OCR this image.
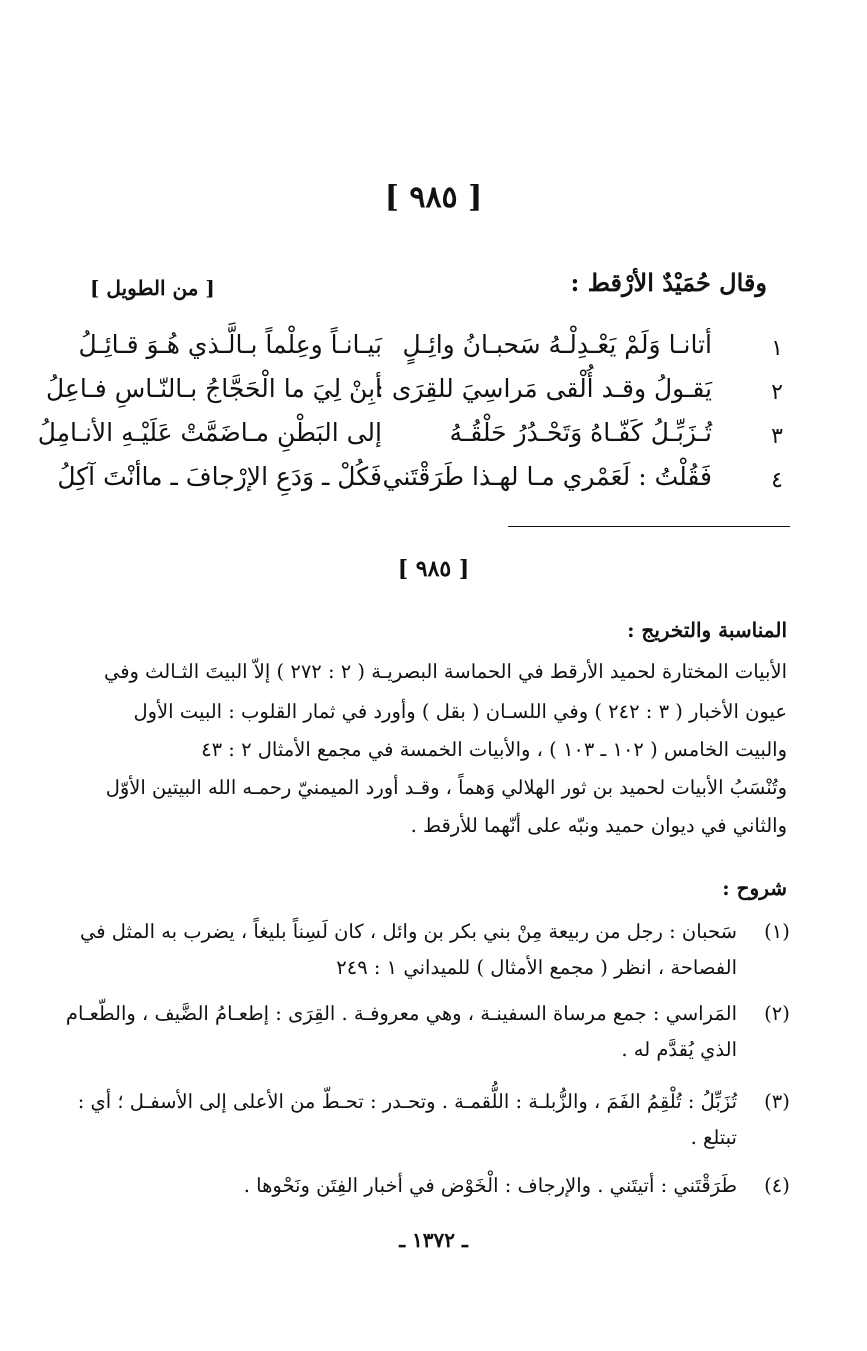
[ ٩٨٥ ]
وقال حُمَيْدٌ الأرْقط :
[ من الطويل ]
١
أتانـا وَلَمْ يَعْـدِلْـهُ سَحبـانُ وائِـلٍ
بَيـانـاً وعِلْماً بـالَّـذي هُـوَ قـائِـلُ
٢
يَقـولُ وقـد أُلْقى مَراسِيَ للقِرَى :
أبِنْ لِيَ ما الْحَجَّاجُ بـالنّـاسِ فـاعِلُ
٣
تُـزَبِّـلُ كَفّـاهُ وَتَحْـدُرُ حَلْقُـهُ
إلى البَطْنِ مـاضَمَّتْ عَلَيْـهِ الأنـامِلُ
٤
فَقُلْتُ : لَعَمْري مـا لهـذا طَرَقْتَني
فَكُلْ ـ وَدَعِ الإرْجافَ ـ ماأنْتَ آكِلُ
[ ٩٨٥ ]
المناسبة والتخريج :
الأبيات المختارة لحميد الأرقط في الحماسة البصريـة ( ٢ : ٢٧٢ ) إلاّ البيتَ الثـالث وفي
عيون الأخبار ( ٣ : ٢٤٢ ) وفي اللسـان ( بقل ) وأورد في ثمار القلوب : البيت الأول
والبيت الخامس ( ١٠٢ ـ ١٠٣ ) ، والأبيات الخمسة في مجمع الأمثال ٢ : ٤٣
وتُنْسَبُ الأبيات لحميد بن ثور الهلالي وَهماً ، وقـد أورد الميمنيّ رحمـه الله البيتين الأوّل
والثاني في ديوان حميد ونبّه على أنّهما للأرقط .
شروح :
(١)
سَحبان : رجل من ربيعة مِنْ بني بكر بن وائل ، كان لَسِناً بليغاً ، يضرب به المثل في
الفصاحة ، انظر ( مجمع الأمثال ) للميداني ١ : ٢٤٩
(٢)
المَراسي : جمع مرساة السفينـة ، وهي معروفـة . القِرَى : إطعـامُ الضَّيف ، والطّعـام
الذي يُقدَّم له .
(٣)
تُزَبِّلُ : تُلْقِمُ الفَمَ ، والزُّبلـة : اللُّقمـة . وتحـدر : تحـطّ من الأعلى إلى الأسفـل ؛ أي :
تبتلع .
(٤)
طَرَقْتَني : أتيتَني . والإرجاف : الْخَوْض في أخبار الفِتَن ونَحْوها .
ـ ١٣٧٢ ـ
